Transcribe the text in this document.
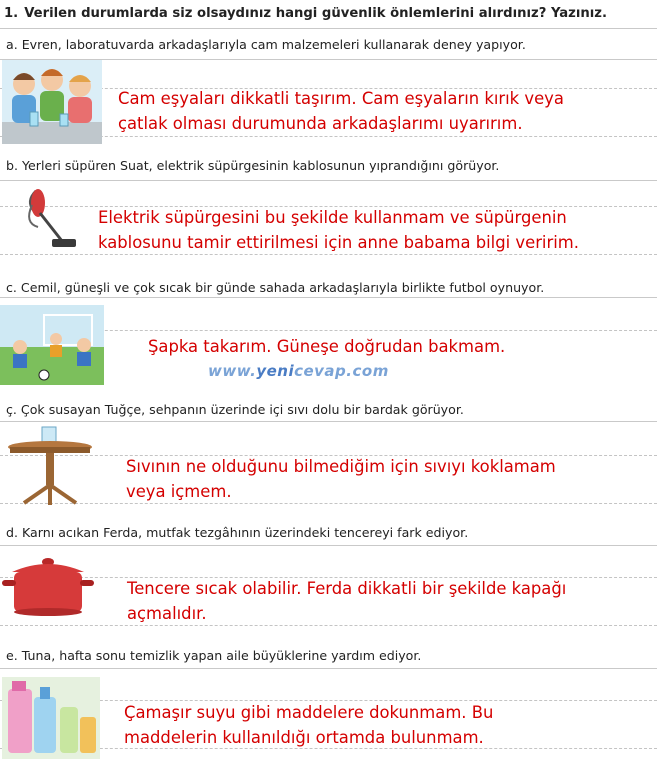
1. Verilen durumlarda siz olsaydınız hangi güvenlik önlemlerini alırdınız? Yazınız.
a. Evren, laboratuvarda arkadaşlarıyla cam malzemeleri kullanarak deney yapıyor.
Cam eşyaları dikkatli taşırım. Cam eşyaların kırık veya
çatlak olması durumunda arkadaşlarımı uyarırım.
b. Yerleri süpüren Suat, elektrik süpürgesinin kablosunun yıprandığını görüyor.
Elektrik süpürgesini bu şekilde kullanmam ve süpürgenin
kablosunu tamir ettirilmesi için anne babama bilgi veririm.
c. Cemil, güneşli ve çok sıcak bir günde sahada arkadaşlarıyla birlikte futbol oynuyor.
Şapka takarım. Güneşe doğrudan bakmam.
www.yenicevap.com
ç. Çok susayan Tuğçe, sehpanın üzerinde içi sıvı dolu bir bardak görüyor.
Sıvının ne olduğunu bilmediğim için sıvıyı koklamam
veya içmem.
d. Karnı acıkan Ferda, mutfak tezgâhının üzerindeki tencereyi fark ediyor.
Tencere sıcak olabilir. Ferda dikkatli bir şekilde kapağı
açmalıdır.
e. Tuna, hafta sonu temizlik yapan aile büyüklerine yardım ediyor.
Çamaşır suyu gibi maddelere dokunmam. Bu
maddelerin kullanıldığı ortamda bulunmam.
